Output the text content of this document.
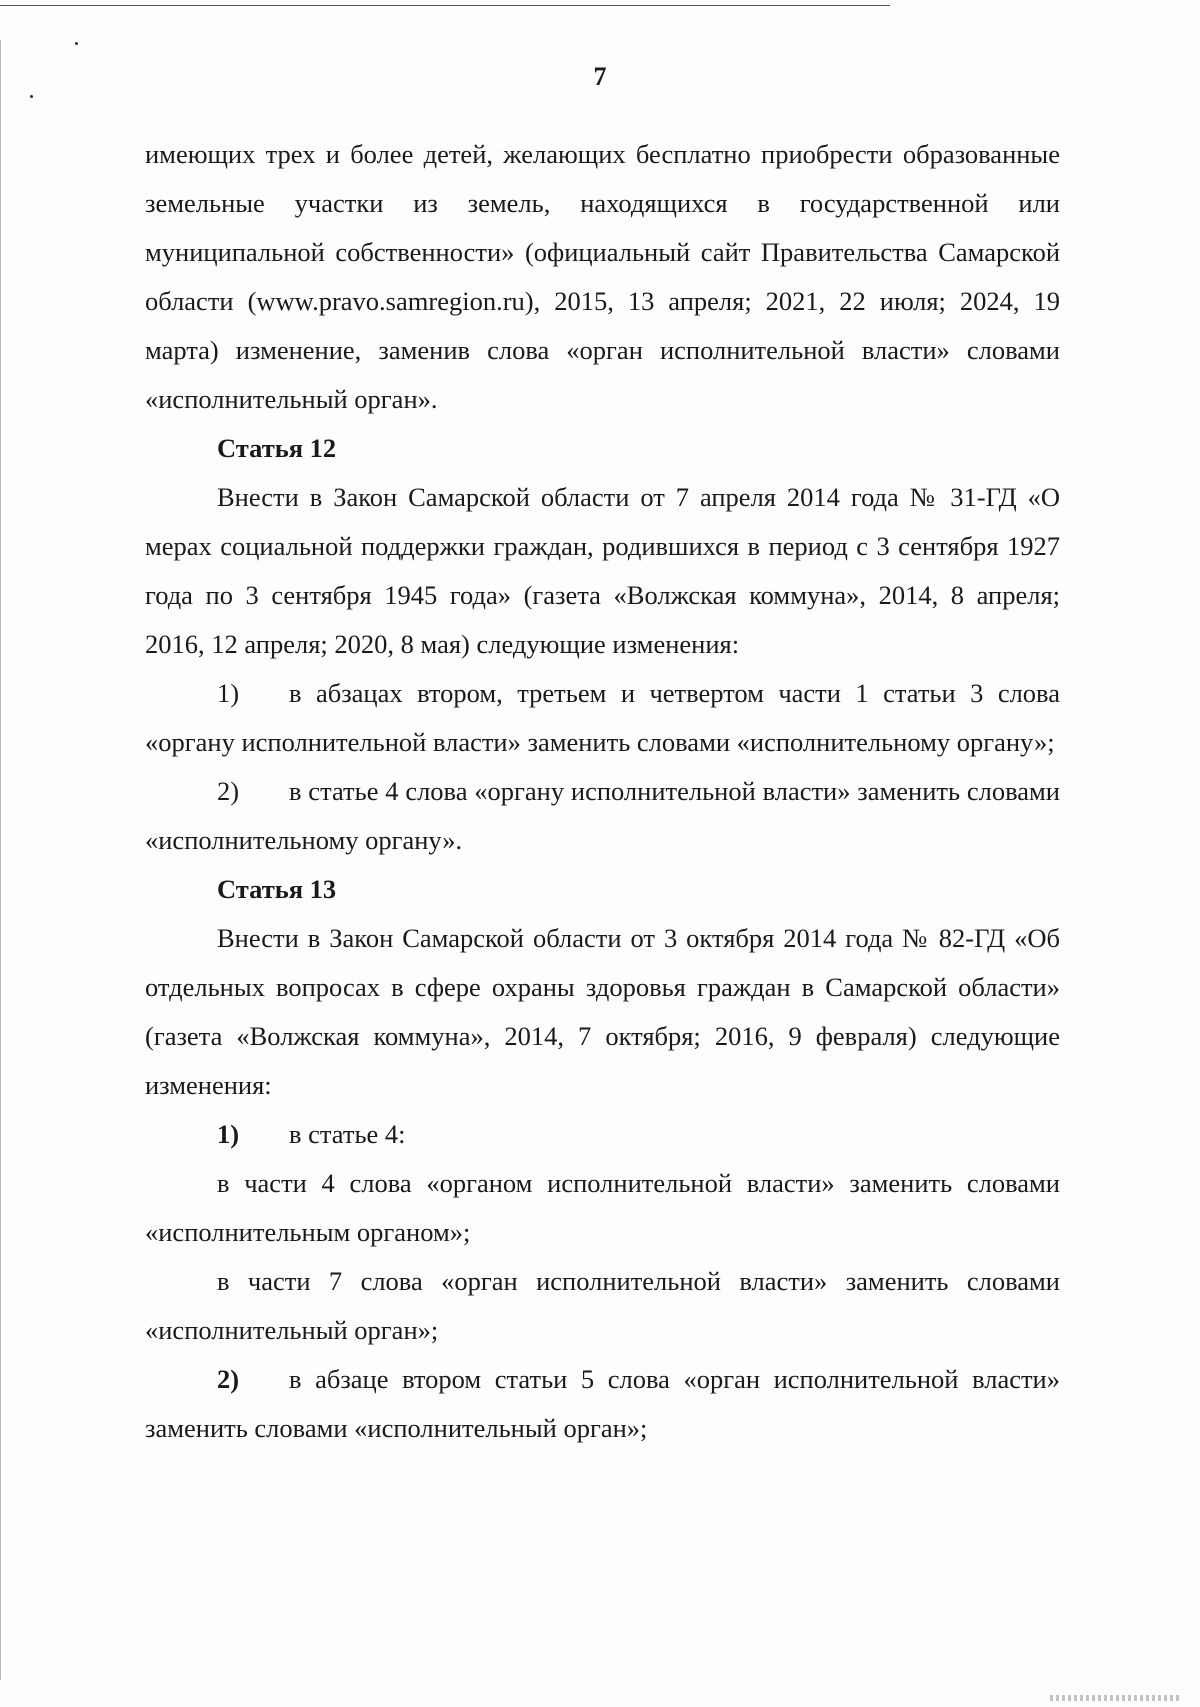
7

имеющих трех и более детей, желающих бесплатно приобрести образованные земельные участки из земель, находящихся в государственной или муниципальной собственности» (официальный сайт Правительства Самарской области (www.pravo.samregion.ru), 2015, 13 апреля; 2021, 22 июля; 2024, 19 марта) изменение, заменив слова «орган исполнительной власти» словами «исполнительный орган».

Статья 12

Внести в Закон Самарской области от 7 апреля 2014 года № 31-ГД «О мерах социальной поддержки граждан, родившихся в период с 3 сентября 1927 года по 3 сентября 1945 года» (газета «Волжская коммуна», 2014, 8 апреля; 2016, 12 апреля; 2020, 8 мая) следующие изменения:

1) в абзацах втором, третьем и четвертом части 1 статьи 3 слова «органу исполнительной власти» заменить словами «исполнительному органу»;

2) в статье 4 слова «органу исполнительной власти» заменить словами «исполнительному органу».

Статья 13

Внести в Закон Самарской области от 3 октября 2014 года № 82-ГД «Об отдельных вопросах в сфере охраны здоровья граждан в Самарской области» (газета «Волжская коммуна», 2014, 7 октября; 2016, 9 февраля) следующие изменения:

1) в статье 4:

в части 4 слова «органом исполнительной власти» заменить словами «исполнительным органом»;

в части 7 слова «орган исполнительной власти» заменить словами «исполнительный орган»;

2) в абзаце втором статьи 5 слова «орган исполнительной власти» заменить словами «исполнительный орган»;
